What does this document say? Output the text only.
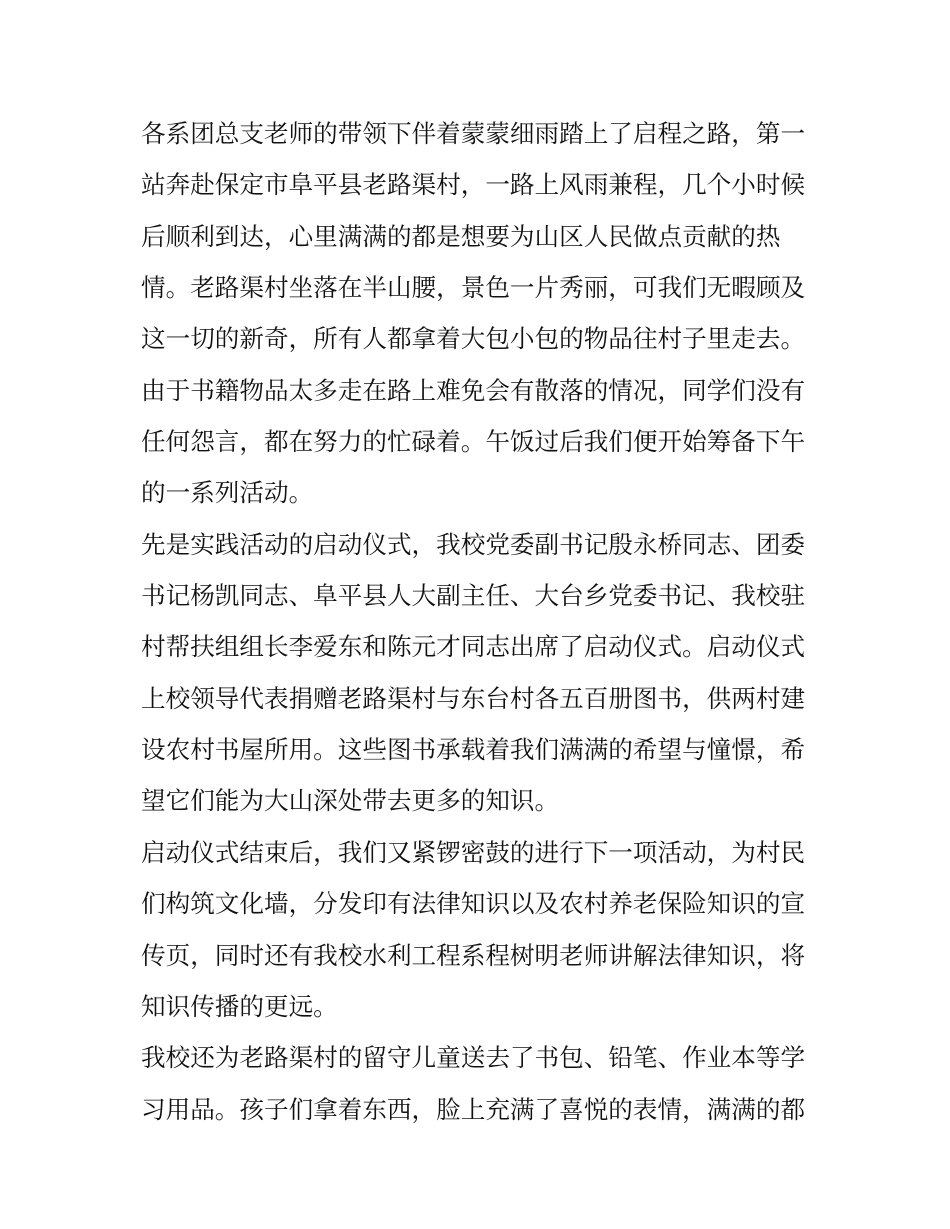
各系团总支老师的带领下伴着蒙蒙细雨踏上了启程之路，第一
站奔赴保定市阜平县老路渠村，一路上风雨兼程，几个小时候
后顺利到达，心里满满的都是想要为山区人民做点贡献的热
情。老路渠村坐落在半山腰，景色一片秀丽，可我们无暇顾及
这一切的新奇，所有人都拿着大包小包的物品往村子里走去。
由于书籍物品太多走在路上难免会有散落的情况，同学们没有
任何怨言，都在努力的忙碌着。午饭过后我们便开始筹备下午
的一系列活动。
先是实践活动的启动仪式，我校党委副书记殷永桥同志、团委
书记杨凯同志、阜平县人大副主任、大台乡党委书记、我校驻
村帮扶组组长李爱东和陈元才同志出席了启动仪式。启动仪式
上校领导代表捐赠老路渠村与东台村各五百册图书，供两村建
设农村书屋所用。这些图书承载着我们满满的希望与憧憬，希
望它们能为大山深处带去更多的知识。
启动仪式结束后，我们又紧锣密鼓的进行下一项活动，为村民
们构筑文化墙，分发印有法律知识以及农村养老保险知识的宣
传页，同时还有我校水利工程系程树明老师讲解法律知识，将
知识传播的更远。
我校还为老路渠村的留守儿童送去了书包、铅笔、作业本等学
习用品。孩子们拿着东西，脸上充满了喜悦的表情，满满的都
